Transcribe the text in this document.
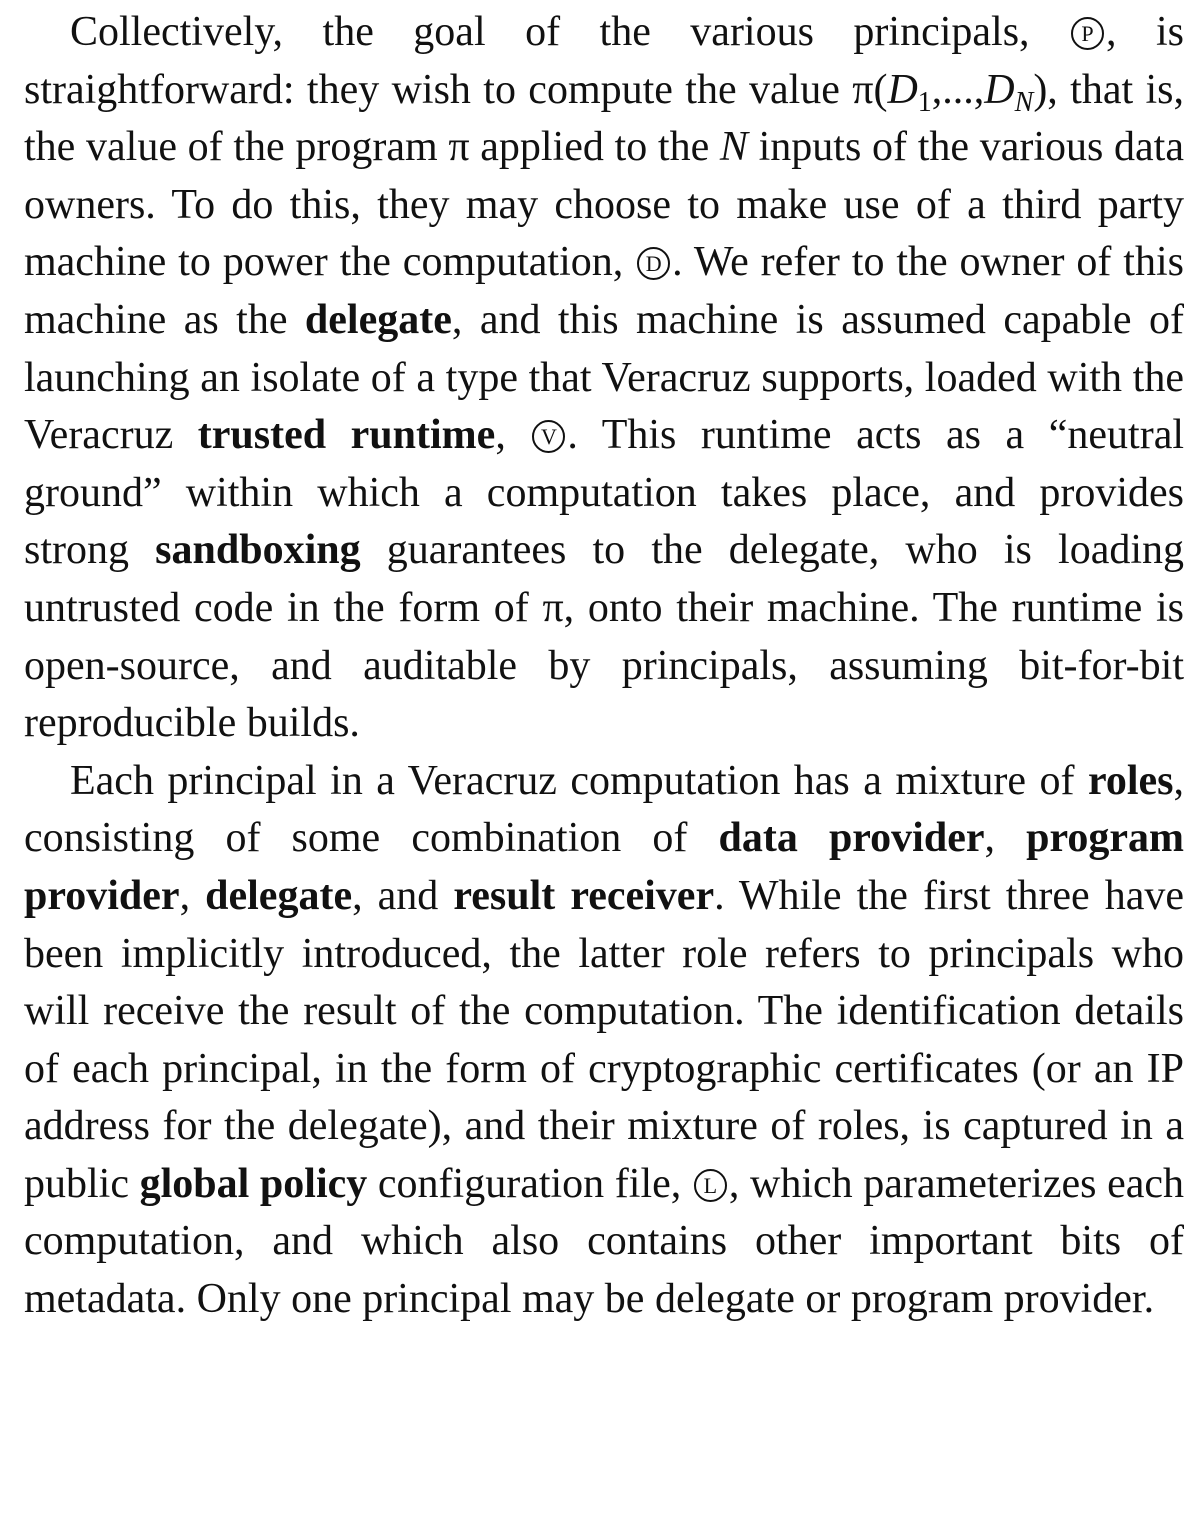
Collectively, the goal of the various principals, P , is straightforward: they wish to compute the value $\pi(D_1,...,D_N)$, that is, the value of the program π applied to the N inputs of the various data owners. To do this, they may choose to make use of a third party machine to power the computation, D . We refer to the owner of this machine as the delegate, and this machine is assumed capable of launching an isolate of a type that Veracruz supports, loaded with the Veracruz trusted runtime, V . This runtime acts as a “neutral ground” within which a computation takes place, and provides strong sandboxing guarantees to the delegate, who is loading untrusted code in the form of π, onto their machine. The runtime is open-source, and auditable by principals, assuming bit-for-bit reproducible builds.

Each principal in a Veracruz computation has a mixture of roles, consisting of some combination of data provider, program provider, delegate, and result receiver. While the first three have been implicitly introduced, the latter role refers to principals who will receive the result of the computation. The identification details of each principal, in the form of cryptographic certificates (or an IP address for the delegate), and their mixture of roles, is captured in a public global policy configuration file, L , which parameterizes each computation, and which also contains other important bits of metadata. Only one principal may be delegate or program provider.
